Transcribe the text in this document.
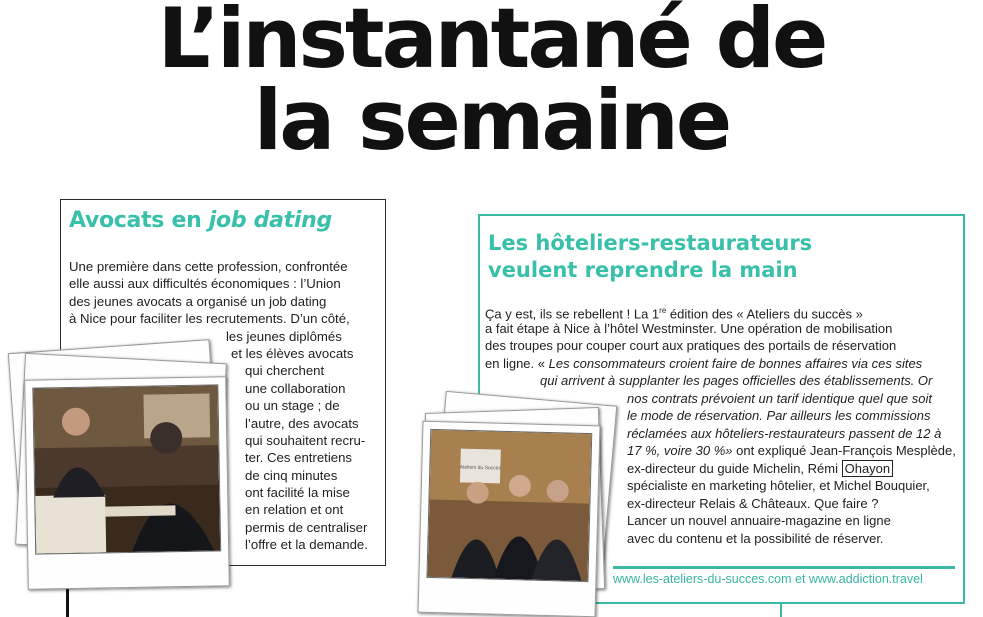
L’instantané de
la semaine
Avocats en job dating
Une première dans cette profession, confrontée
elle aussi aux difficultés économiques : l’Union
des jeunes avocats a organisé un job dating
à Nice pour faciliter les recrutements. D’un côté,
les jeunes diplômés
et les élèves avocats
qui cherchent
une collaboration
ou un stage ; de
l’autre, des avocats
qui souhaitent recru-
ter. Ces entretiens
de cinq minutes
ont facilité la mise
en relation et ont
permis de centraliser
l’offre et la demande.
Les hôteliers-restaurateurs
veulent reprendre la main
Ça y est, ils se rebellent ! La 1re édition des « Ateliers du succès »
a fait étape à Nice à l’hôtel Westminster. Une opération de mobilisation
des troupes pour couper court aux pratiques des portails de réservation
en ligne. « Les consommateurs croient faire de bonnes affaires via ces sites
qui arrivent à supplanter les pages officielles des établissements. Or
nos contrats prévoient un tarif identique quel que soit
le mode de réservation. Par ailleurs les commissions
réclamées aux hôteliers-restaurateurs passent de 12 à
17 %, voire 30 %» ont expliqué Jean-François Mesplède,
ex-directeur du guide Michelin, Rémi Ohayon
spécialiste en marketing hôtelier, et Michel Bouquier,
ex-directeur Relais & Châteaux. Que faire ?
Lancer un nouvel annuaire-magazine en ligne
avec du contenu et la possibilité de réserver.
www.les-ateliers-du-succes.com et www.addiction.travel
Ateliers du Succès
